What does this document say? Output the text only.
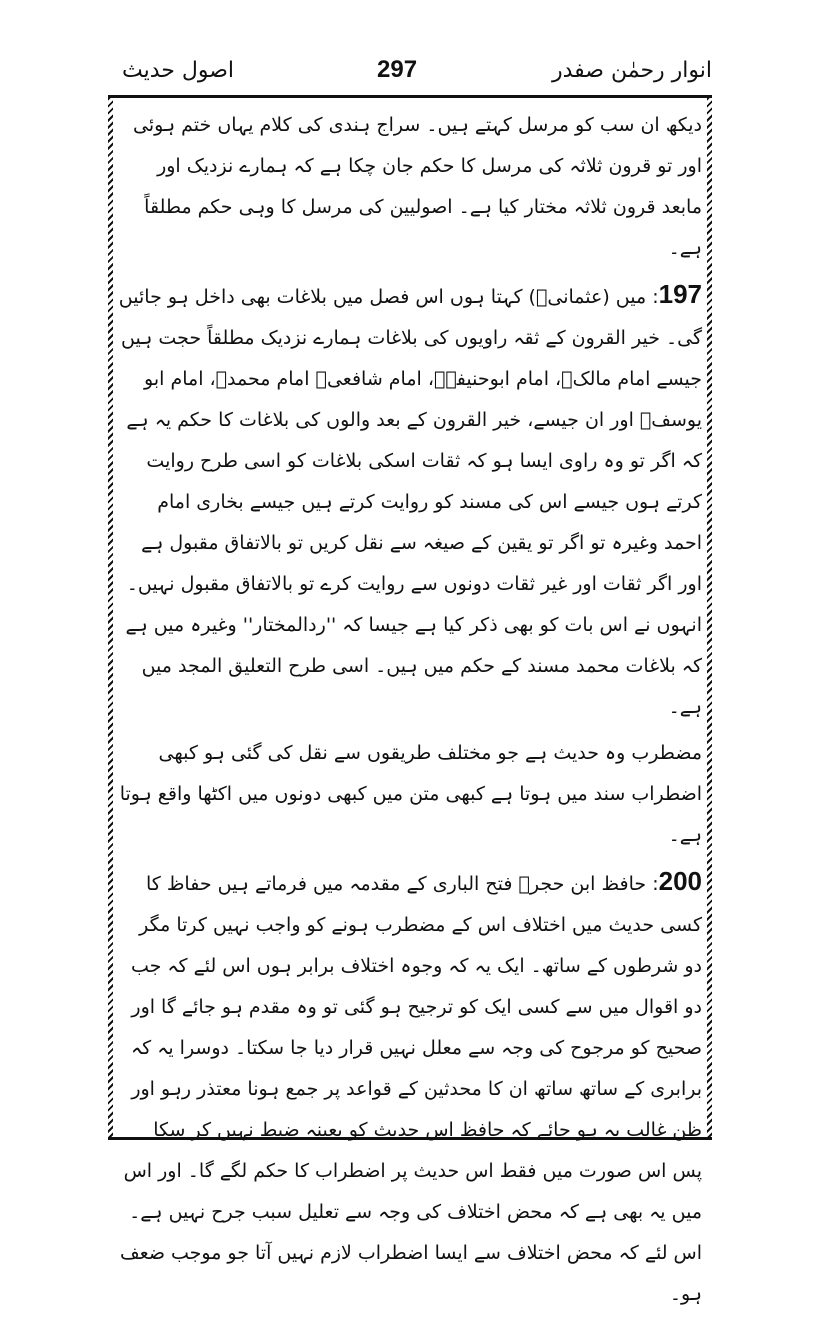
اصول حدیث	297	انوار رحمٰن صفدر

دیکھ ان سب کو مرسل کہتے ہیں۔ سراج ہندی کی کلام یہاں ختم ہوئی اور تو قرون ثلاثہ کی مرسل کا حکم جان چکا ہے کہ ہمارے نزدیک اور مابعد قرون ثلاثہ مختار کیا ہے۔ اصولیین کی مرسل کا وہی حکم مطلقاً ہے۔

197: میں (عثمانیؒ) کہتا ہوں اس فصل میں بلاغات بھی داخل ہو جائیں گی۔ خیر القرون کے ثقہ راویوں کی بلاغات ہمارے نزدیک مطلقاً حجت ہیں جیسے امام مالکؒ، امام ابوحنیفہؒ، امام شافعیؒ امام محمدؒ، امام ابو یوسفؒ اور ان جیسے، خیر القرون کے بعد والوں کی بلاغات کا حکم یہ ہے کہ اگر تو وہ راوی ایسا ہو کہ ثقات اسکی بلاغات کو اسی طرح روایت کرتے ہوں جیسے اس کی مسند کو روایت کرتے ہیں جیسے بخاری امام احمد وغیرہ تو اگر تو یقین کے صیغہ سے نقل کریں تو بالاتفاق مقبول ہے اور اگر ثقات اور غیر ثقات دونوں سے روایت کرے تو بالاتفاق مقبول نہیں۔ انہوں نے اس بات کو بھی ذکر کیا ہے جیسا کہ ''ردالمختار'' وغیرہ میں ہے کہ بلاغات محمد مسند کے حکم میں ہیں۔ اسی طرح التعلیق المجد میں ہے۔

مضطرب وہ حدیث ہے جو مختلف طریقوں سے نقل کی گئی ہو کبھی اضطراب سند میں ہوتا ہے کبھی متن میں کبھی دونوں میں اکٹھا واقع ہوتا ہے۔

200: حافظ ابن حجرؒ فتح الباری کے مقدمہ میں فرماتے ہیں حفاظ کا کسی حدیث میں اختلاف اس کے مضطرب ہونے کو واجب نہیں کرتا مگر دو شرطوں کے ساتھ۔ ایک یہ کہ وجوہ اختلاف برابر ہوں اس لئے کہ جب دو اقوال میں سے کسی ایک کو ترجیح ہو گئی تو وہ مقدم ہو جائے گا اور صحیح کو مرجوح کی وجہ سے معلل نہیں قرار دیا جا سکتا۔ دوسرا یہ کہ برابری کے ساتھ ساتھ ان کا محدثین کے قواعد پر جمع ہونا معتذر رہو اور ظن غالب یہ ہو جائے کہ حافظ اس حدیث کو بعینہ ضبط نہیں کر سکا پس اس صورت میں فقط اس حدیث پر اضطراب کا حکم لگے گا۔ اور اس میں یہ بھی ہے کہ محض اختلاف کی وجہ سے تعلیل سبب جرح نہیں ہے۔ اس لئے کہ محض اختلاف سے ایسا اضطراب لازم نہیں آتا جو موجب ضعف ہو۔
